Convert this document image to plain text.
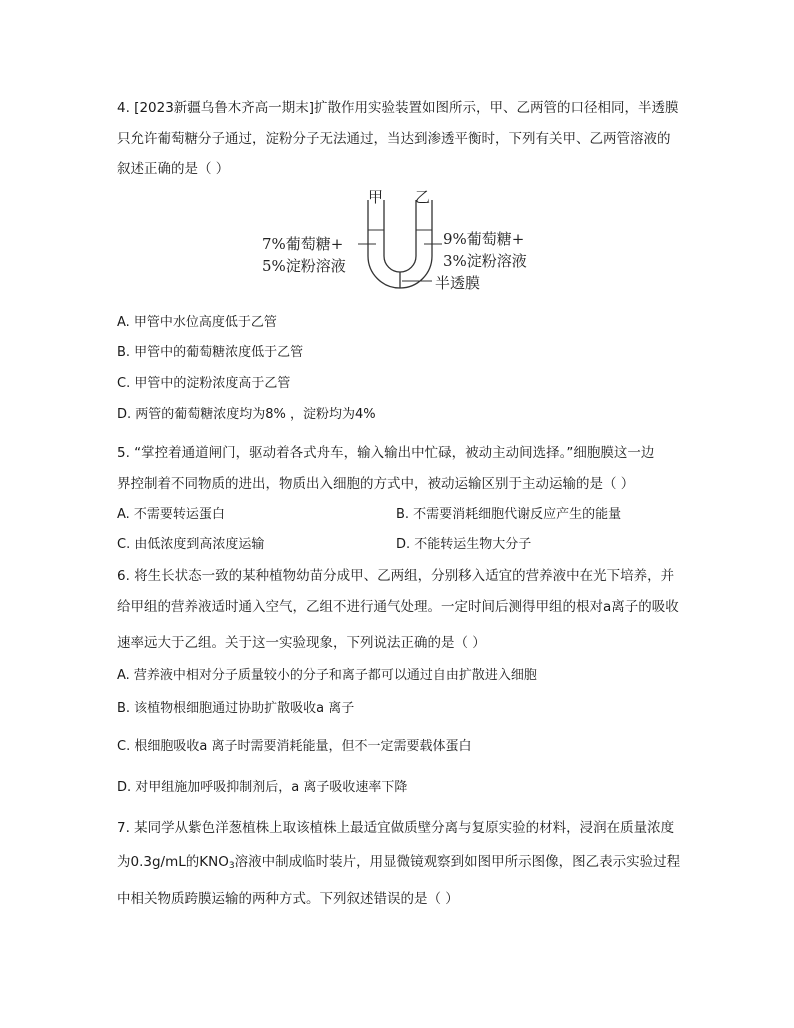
4. [2023新疆乌鲁木齐高一期末]扩散作用实验装置如图所示，甲、乙两管的口径相同，半透膜
只允许葡萄糖分子通过，淀粉分子无法通过，当达到渗透平衡时，下列有关甲、乙两管溶液的
叙述正确的是（ ）
甲 乙
7%葡萄糖+
5%淀粉溶液
9%葡萄糖+
3%淀粉溶液
半透膜
A. 甲管中水位高度低于乙管
B. 甲管中的葡萄糖浓度低于乙管
C. 甲管中的淀粉浓度高于乙管
D. 两管的葡萄糖浓度均为8% ，淀粉均为4%
5. “掌控着通道闸门，驱动着各式舟车，输入输出中忙碌，被动主动间选择。”细胞膜这一边
界控制着不同物质的进出，物质出入细胞的方式中，被动运输区别于主动运输的是（ ）
A. 不需要转运蛋白	B. 不需要消耗细胞代谢反应产生的能量
C. 由低浓度到高浓度运输	D. 不能转运生物大分子
6. 将生长状态一致的某种植物幼苗分成甲、乙两组，分别移入适宜的营养液中在光下培养，并
给甲组的营养液适时通入空气，乙组不进行通气处理。一定时间后测得甲组的根对a离子的吸收
速率远大于乙组。关于这一实验现象，下列说法正确的是（ ）
A. 营养液中相对分子质量较小的分子和离子都可以通过自由扩散进入细胞
B. 该植物根细胞通过协助扩散吸收a 离子
C. 根细胞吸收a 离子时需要消耗能量，但不一定需要载体蛋白
D. 对甲组施加呼吸抑制剂后，a 离子吸收速率下降
7. 某同学从紫色洋葱植株上取该植株上最适宜做质壁分离与复原实验的材料，浸润在质量浓度
为0.3g/mL的$KNO_3$溶液中制成临时装片，用显微镜观察到如图甲所示图像，图乙表示实验过程
中相关物质跨膜运输的两种方式。下列叙述错误的是（ ）
